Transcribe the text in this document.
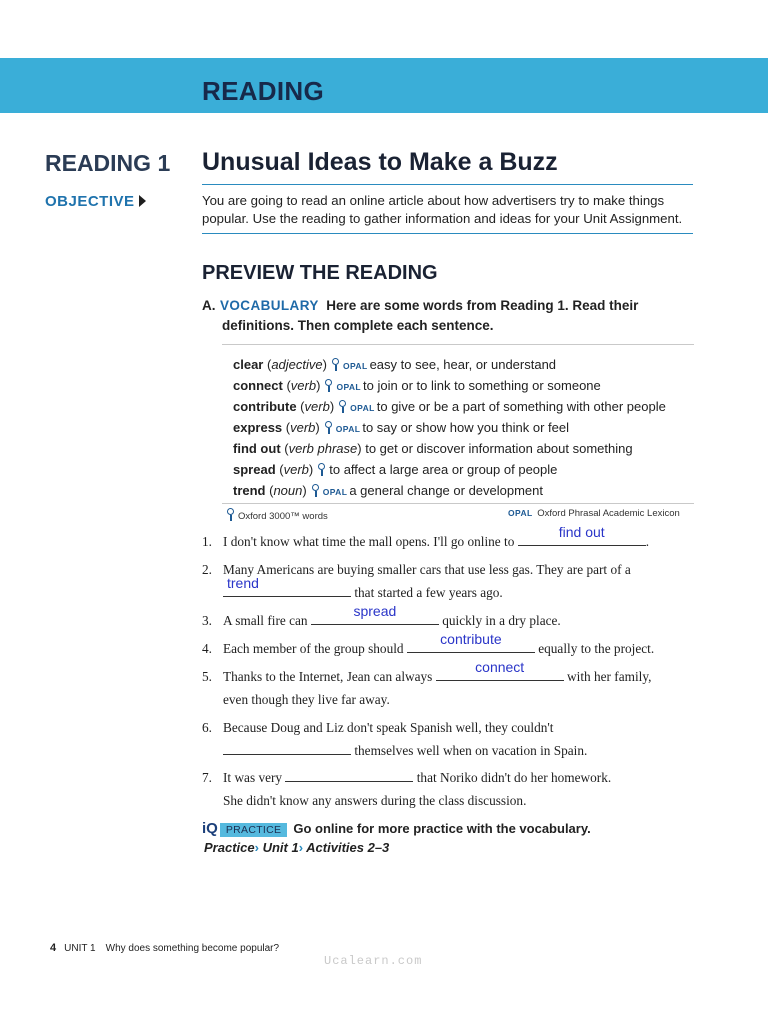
READING
READING 1
OBJECTIVE
Unusual Ideas to Make a Buzz
You are going to read an online article about how advertisers try to make things
popular. Use the reading to gather information and ideas for your Unit Assignment.
PREVIEW THE READING
A. VOCABULARY Here are some words from Reading 1. Read their
definitions. Then complete each sentence.
clear (adjective) OPAL easy to see, hear, or understand
connect (verb) OPAL to join or to link to something or someone
contribute (verb) OPAL to give or be a part of something with other people
express (verb) OPAL to say or show how you think or feel
find out (verb phrase) to get or discover information about something
spread (verb) to affect a large area or group of people
trend (noun) OPAL a general change or development
Oxford 3000™ words	OPAL Oxford Phrasal Academic Lexicon
1. I don't know what time the mall opens. I'll go online to
find out
.
2. Many Americans are buying smaller cars that use less gas. They are part of a
trend
that started a few years ago.
3. A small fire can
spread
quickly in a dry place.
4. Each member of the group should
contribute
equally to the project.
5. Thanks to the Internet, Jean can always
connect
with her family,
even though they live far away.
6. Because Doug and Liz don't speak Spanish well, they couldn't
themselves well when on vacation in Spain.
7. It was very	that Noriko didn't do her homework.
She didn't know any answers during the class discussion.
iQ PRACTICE Go online for more practice with the vocabulary.
Practice› Unit 1› Activities 2–3
4 UNIT 1 Why does something become popular?
Ucalearn.com
